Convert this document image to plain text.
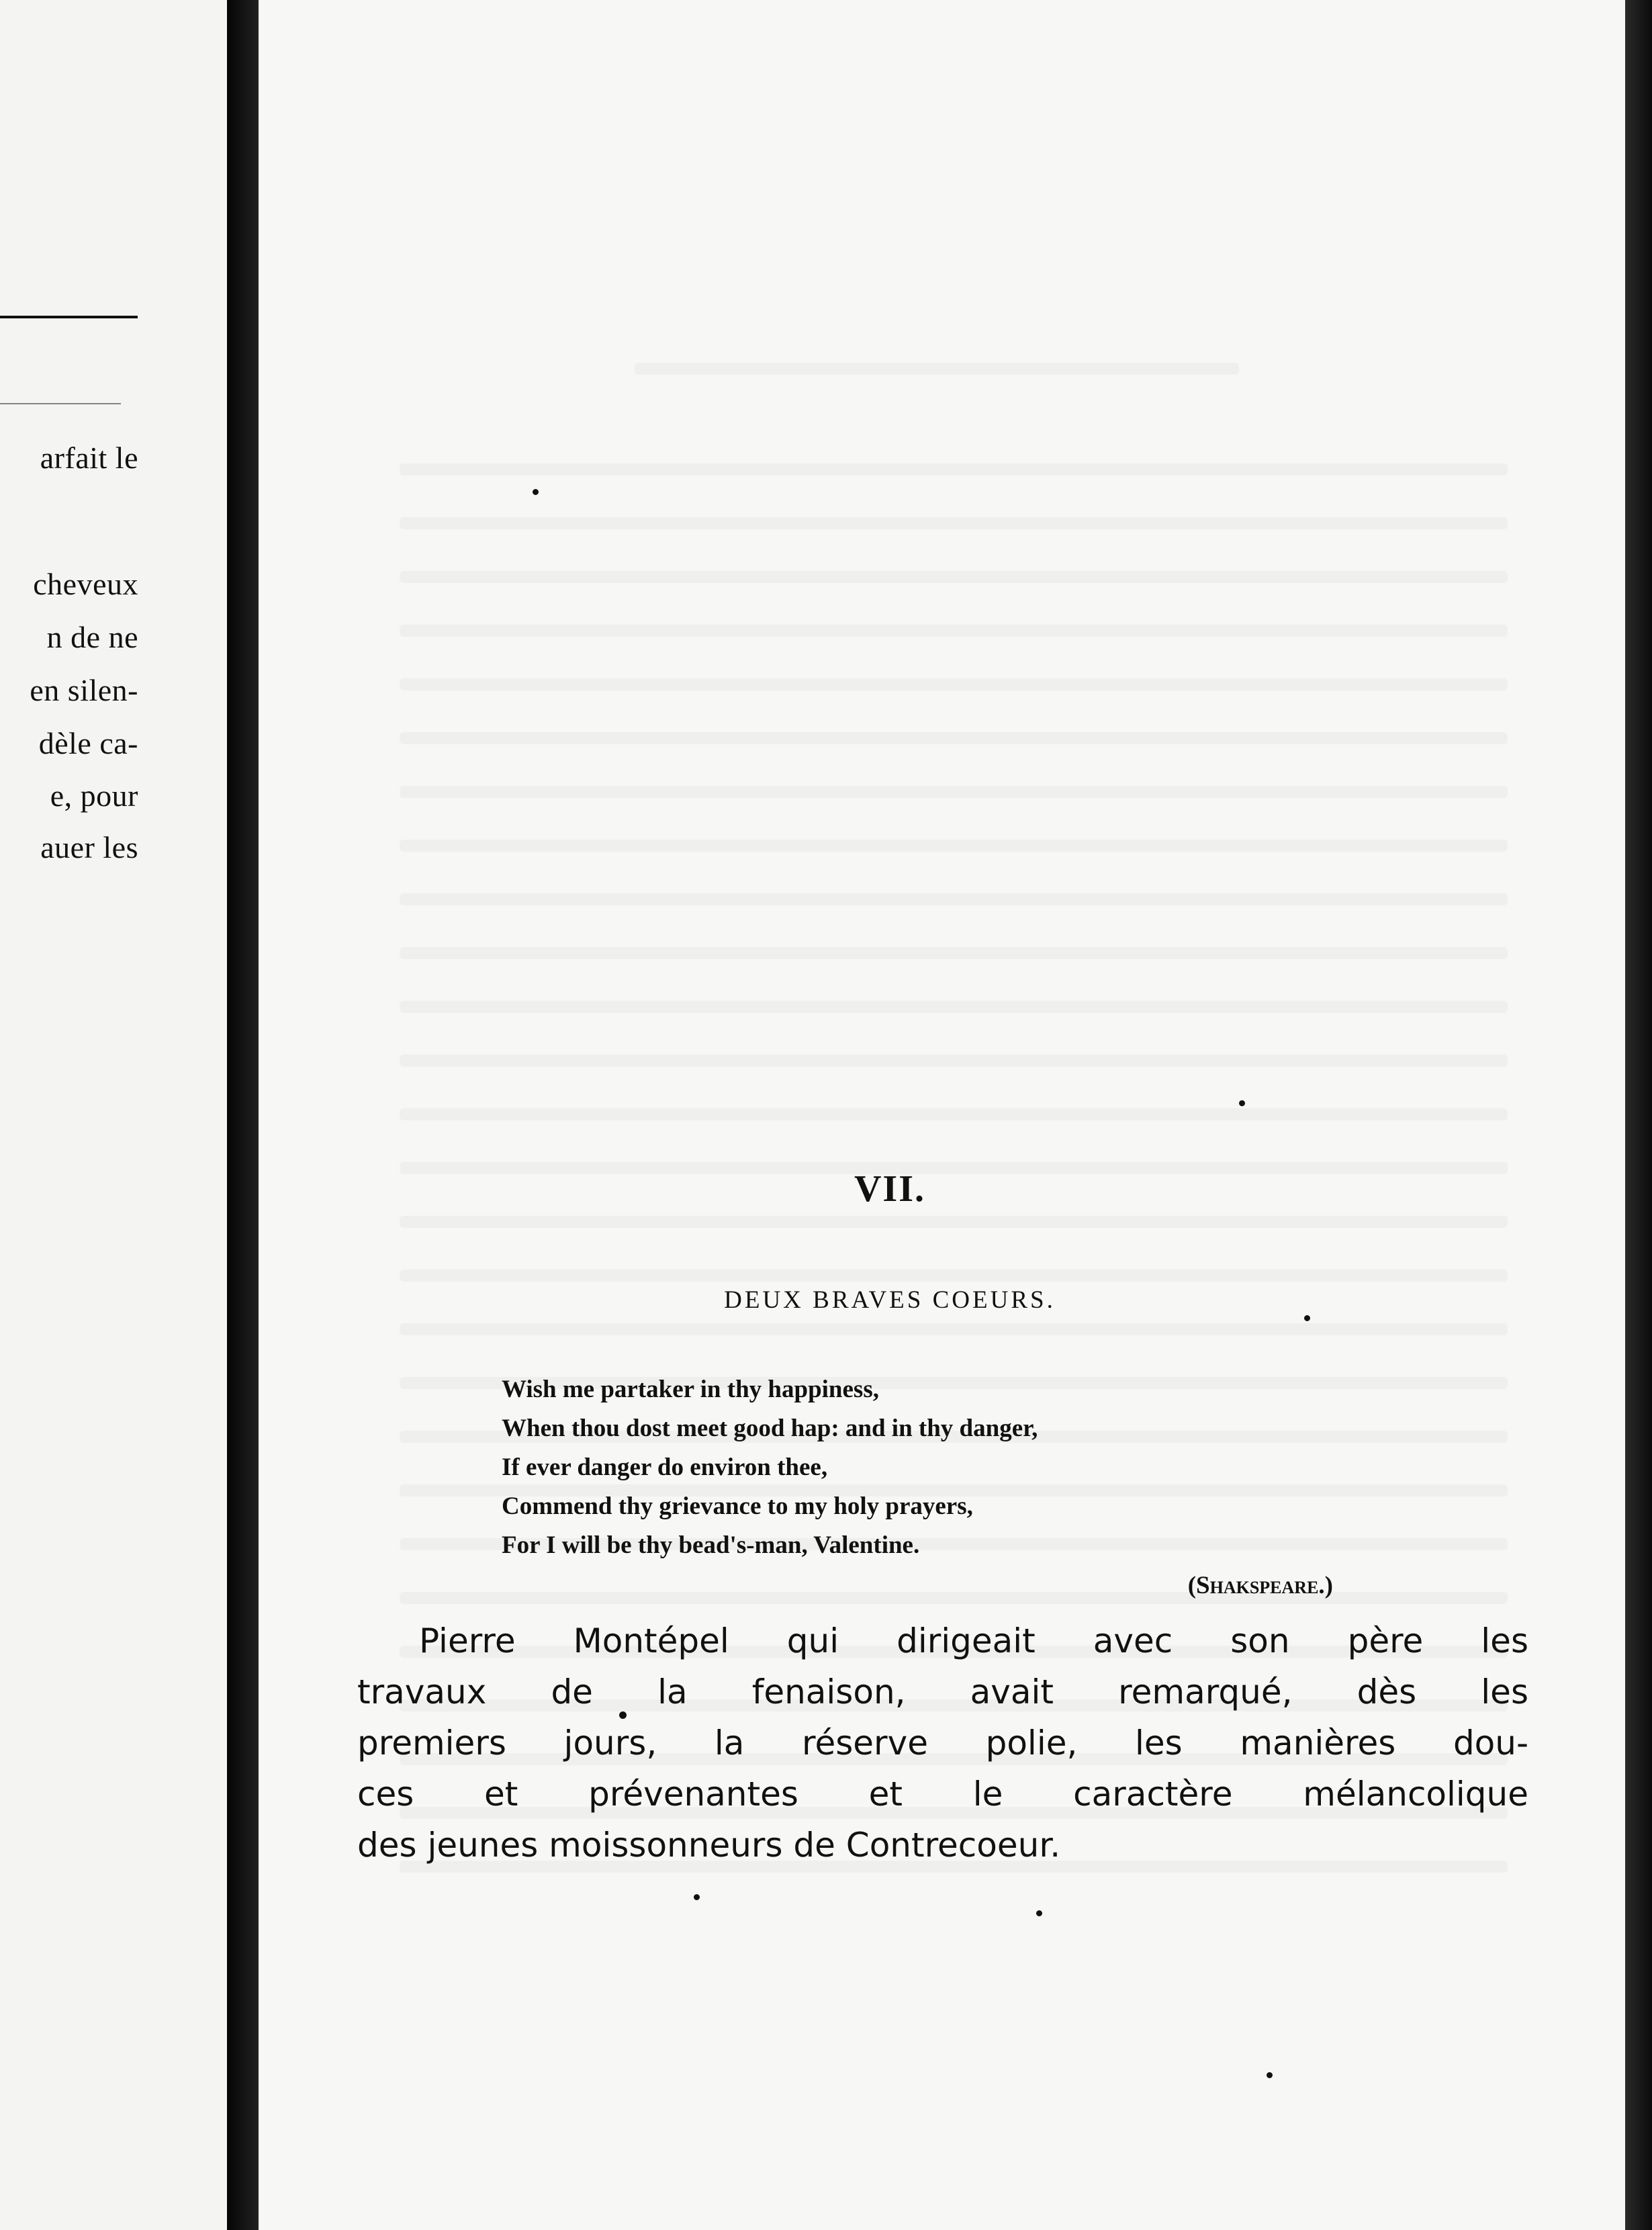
arfait le
cheveux
n de ne
en silen-
dèle ca-
e, pour
auer les
VII.
DEUX BRAVES COEURS.
Wish me partaker in thy happiness,
When thou dost meet good hap: and in thy danger,
If ever danger do environ thee,
Commend thy grievance to my holy prayers,
For I will be thy bead's-man, Valentine.
(Shakspeare.)
Pierre Montépel qui dirigeait avec son père les
travaux de la fenaison, avait remarqué, dès les
premiers jours, la réserve polie, les manières dou-
ces et prévenantes et le caractère mélancolique
des jeunes moissonneurs de Contrecoeur.
